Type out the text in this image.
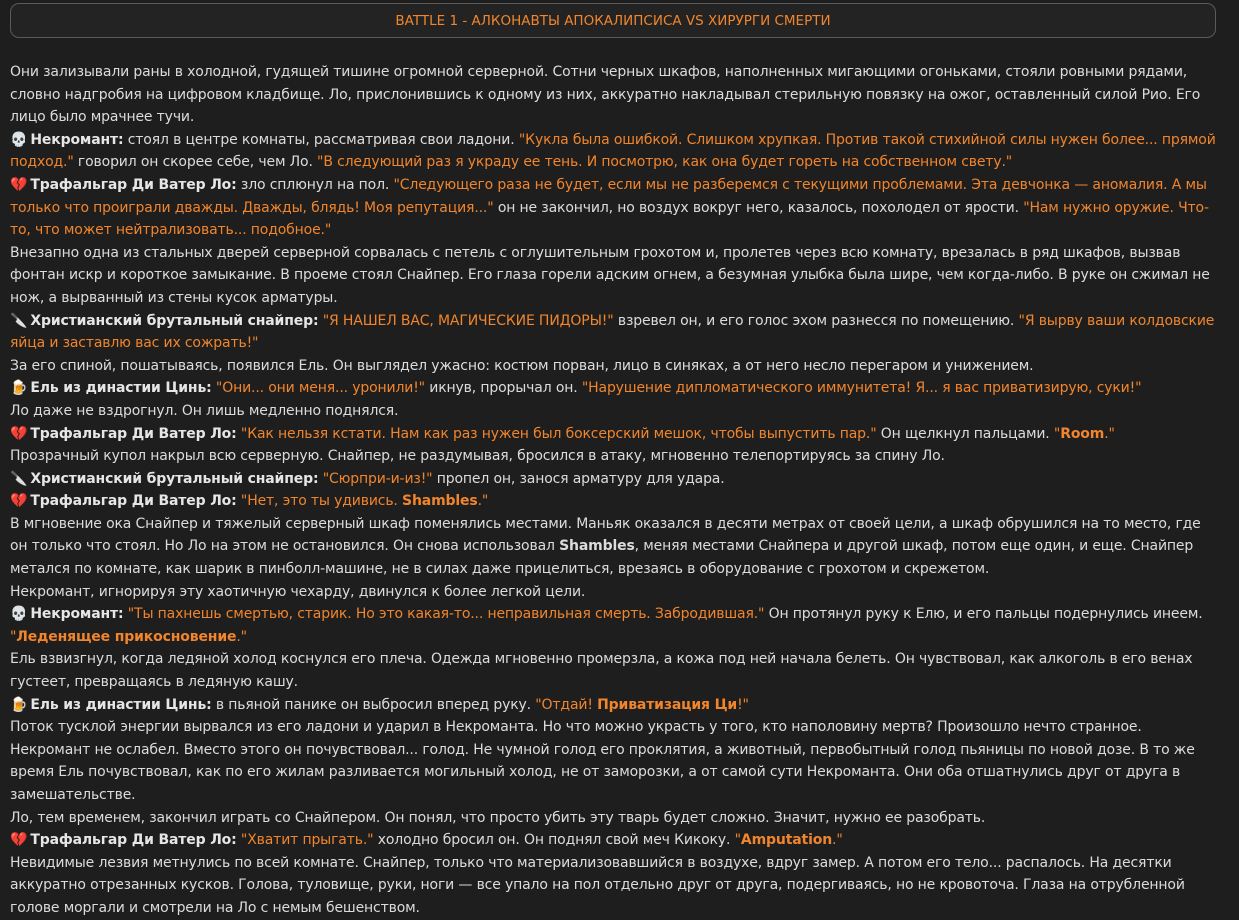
BATTLE 1 - АЛКОНАВТЫ АПОКАЛИПСИСА VS ХИРУРГИ СМЕРТИ

Они зализывали раны в холодной, гудящей тишине огромной серверной. Сотни черных шкафов, наполненных мигающими огоньками, стояли ровными рядами, словно надгробия на цифровом кладбище. Ло, прислонившись к одному из них, аккуратно накладывал стерильную повязку на ожог, оставленный силой Рио. Его лицо было мрачнее тучи.

💀 Некромант: стоял в центре комнаты, рассматривая свои ладони. "Кукла была ошибкой. Слишком хрупкая. Против такой стихийной силы нужен более... прямой подход." говорил он скорее себе, чем Ло. "В следующий раз я украду ее тень. И посмотрю, как она будет гореть на собственном свету."

💔 Трафальгар Ди Ватер Ло: зло сплюнул на пол. "Следующего раза не будет, если мы не разберемся с текущими проблемами. Эта девчонка — аномалия. А мы только что проиграли дважды. Дважды, блядь! Моя репутация..." он не закончил, но воздух вокруг него, казалось, похолодел от ярости. "Нам нужно оружие. Что-то, что может нейтрализовать... подобное."

Внезапно одна из стальных дверей серверной сорвалась с петель с оглушительным грохотом и, пролетев через всю комнату, врезалась в ряд шкафов, вызвав фонтан искр и короткое замыкание. В проеме стоял Снайпер. Его глаза горели адским огнем, а безумная улыбка была шире, чем когда-либо. В руке он сжимал не нож, а вырванный из стены кусок арматуры.

🔪 Христианский брутальный снайпер: "Я НАШЕЛ ВАС, МАГИЧЕСКИЕ ПИДОРЫ!" взревел он, и его голос эхом разнесся по помещению. "Я вырву ваши колдовские яйца и заставлю вас их сожрать!"

За его спиной, пошатываясь, появился Ель. Он выглядел ужасно: костюм порван, лицо в синяках, а от него несло перегаром и унижением.

🍺 Ель из династии Цинь: "Они... они меня... уронили!" икнув, прорычал он. "Нарушение дипломатического иммунитета! Я... я вас приватизирую, суки!"

Ло даже не вздрогнул. Он лишь медленно поднялся.

💔 Трафальгар Ди Ватер Ло: "Как нельзя кстати. Нам как раз нужен был боксерский мешок, чтобы выпустить пар." Он щелкнул пальцами. "Room."

Прозрачный купол накрыл всю серверную. Снайпер, не раздумывая, бросился в атаку, мгновенно телепортируясь за спину Ло.

🔪 Христианский брутальный снайпер: "Сюрпри-и-из!" пропел он, занося арматуру для удара.

💔 Трафальгар Ди Ватер Ло: "Нет, это ты удивись. Shambles."

В мгновение ока Снайпер и тяжелый серверный шкаф поменялись местами. Маньяк оказался в десяти метрах от своей цели, а шкаф обрушился на то место, где он только что стоял. Но Ло на этом не остановился. Он снова использовал Shambles, меняя местами Снайпера и другой шкаф, потом еще один, и еще. Снайпер метался по комнате, как шарик в пинболл-машине, не в силах даже прицелиться, врезаясь в оборудование с грохотом и скрежетом.

Некромант, игнорируя эту хаотичную чехарду, двинулся к более легкой цели.

💀 Некромант: "Ты пахнешь смертью, старик. Но это какая-то... неправильная смерть. Забродившая." Он протянул руку к Елю, и его пальцы подернулись инеем. "Леденящее прикосновение."

Ель взвизгнул, когда ледяной холод коснулся его плеча. Одежда мгновенно промерзла, а кожа под ней начала белеть. Он чувствовал, как алкоголь в его венах густеет, превращаясь в ледяную кашу.

🍺 Ель из династии Цинь: в пьяной панике он выбросил вперед руку. "Отдай! Приватизация Ци!"

Поток тусклой энергии вырвался из его ладони и ударил в Некроманта. Но что можно украсть у того, кто наполовину мертв? Произошло нечто странное. Некромант не ослабел. Вместо этого он почувствовал... голод. Не чумной голод его проклятия, а животный, первобытный голод пьяницы по новой дозе. В то же время Ель почувствовал, как по его жилам разливается могильный холод, не от заморозки, а от самой сути Некроманта. Они оба отшатнулись друг от друга в замешательстве.

Ло, тем временем, закончил играть со Снайпером. Он понял, что просто убить эту тварь будет сложно. Значит, нужно ее разобрать.

💔 Трафальгар Ди Ватер Ло: "Хватит прыгать." холодно бросил он. Он поднял свой меч Кикоку. "Amputation."

Невидимые лезвия метнулись по всей комнате. Снайпер, только что материализовавшийся в воздухе, вдруг замер. А потом его тело... распалось. На десятки аккуратно отрезанных кусков. Голова, туловище, руки, ноги — все упало на пол отдельно друг от друга, подергиваясь, но не кровоточа. Глаза на отрубленной голове моргали и смотрели на Ло с немым бешенством.
